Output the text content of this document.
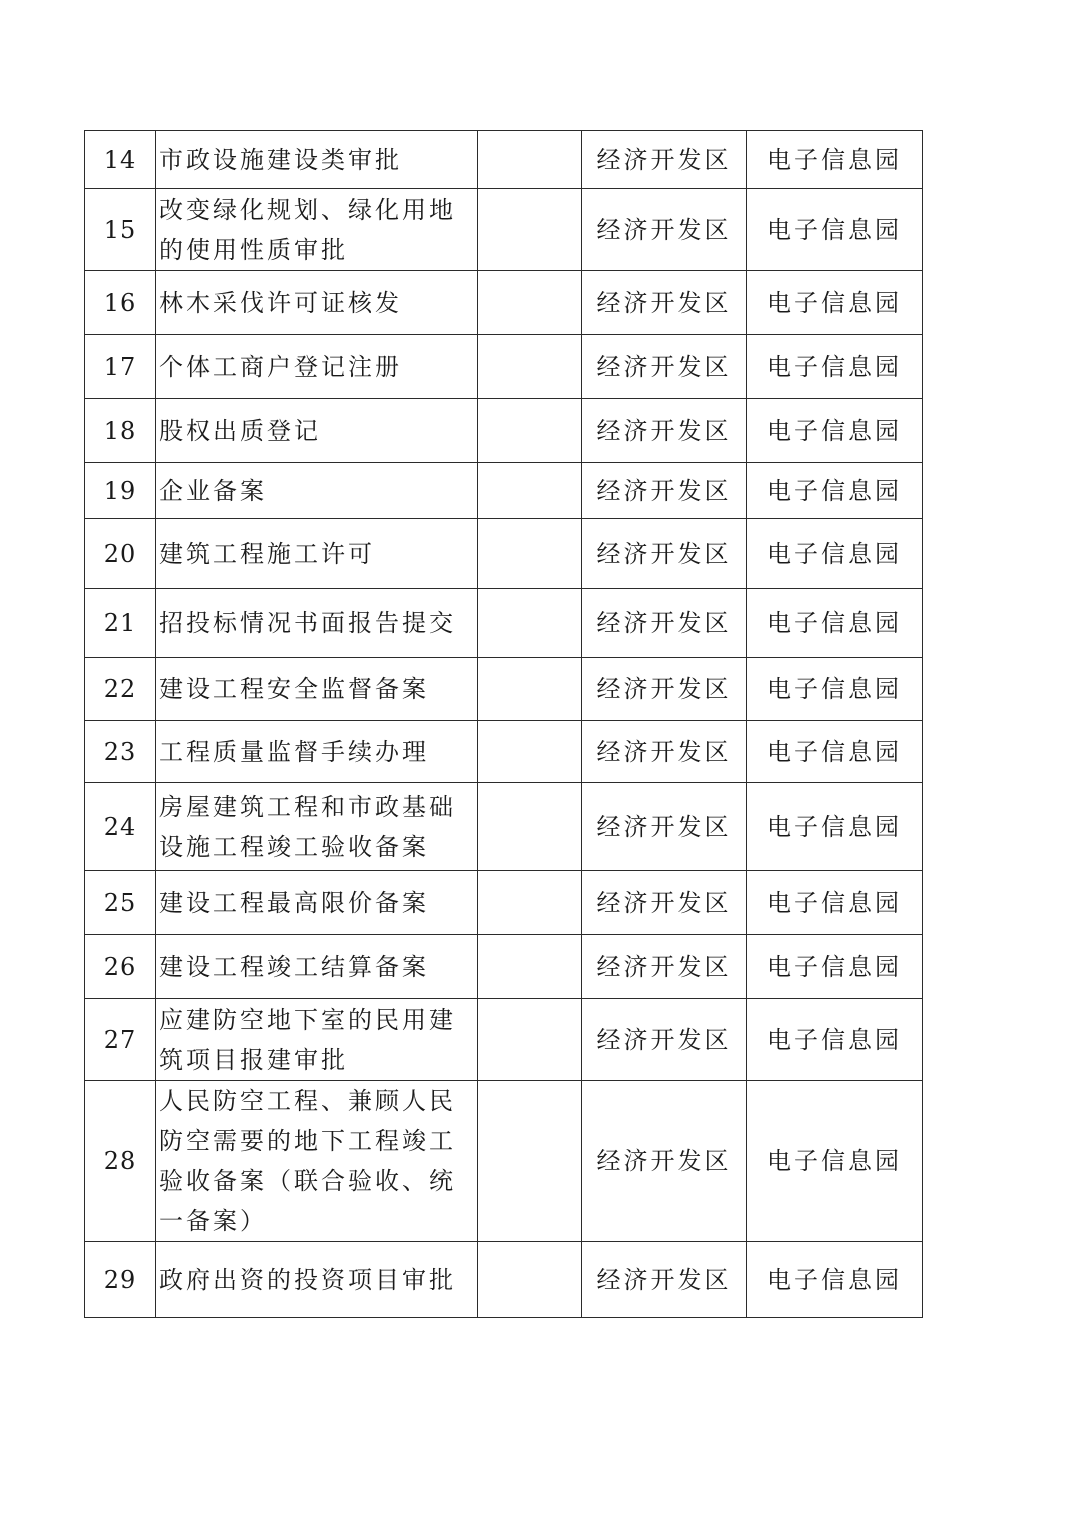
14	市政设施建设类审批		经济开发区	电子信息园
15	改变绿化规划、绿化用地的使用性质审批		经济开发区	电子信息园
16	林木采伐许可证核发		经济开发区	电子信息园
17	个体工商户登记注册		经济开发区	电子信息园
18	股权出质登记		经济开发区	电子信息园
19	企业备案		经济开发区	电子信息园
20	建筑工程施工许可		经济开发区	电子信息园
21	招投标情况书面报告提交		经济开发区	电子信息园
22	建设工程安全监督备案		经济开发区	电子信息园
23	工程质量监督手续办理		经济开发区	电子信息园
24	房屋建筑工程和市政基础设施工程竣工验收备案		经济开发区	电子信息园
25	建设工程最高限价备案		经济开发区	电子信息园
26	建设工程竣工结算备案		经济开发区	电子信息园
27	应建防空地下室的民用建筑项目报建审批		经济开发区	电子信息园
28	人民防空工程、兼顾人民防空需要的地下工程竣工验收备案（联合验收、统一备案）		经济开发区	电子信息园
29	政府出资的投资项目审批		经济开发区	电子信息园
